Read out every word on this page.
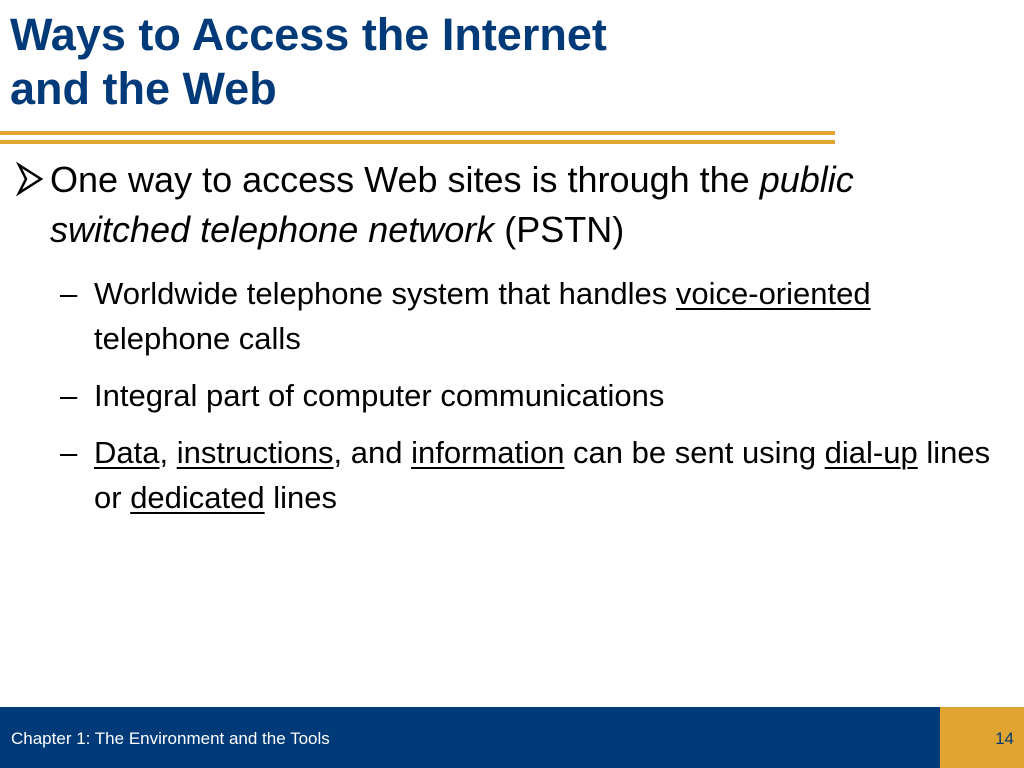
Ways to Access the Internet
and the Web

One way to access Web sites is through the public switched telephone network (PSTN)

– Worldwide telephone system that handles voice-oriented telephone calls

– Integral part of computer communications

– Data, instructions, and information can be sent using dial-up lines or dedicated lines

Chapter 1: The Environment and the Tools	14
